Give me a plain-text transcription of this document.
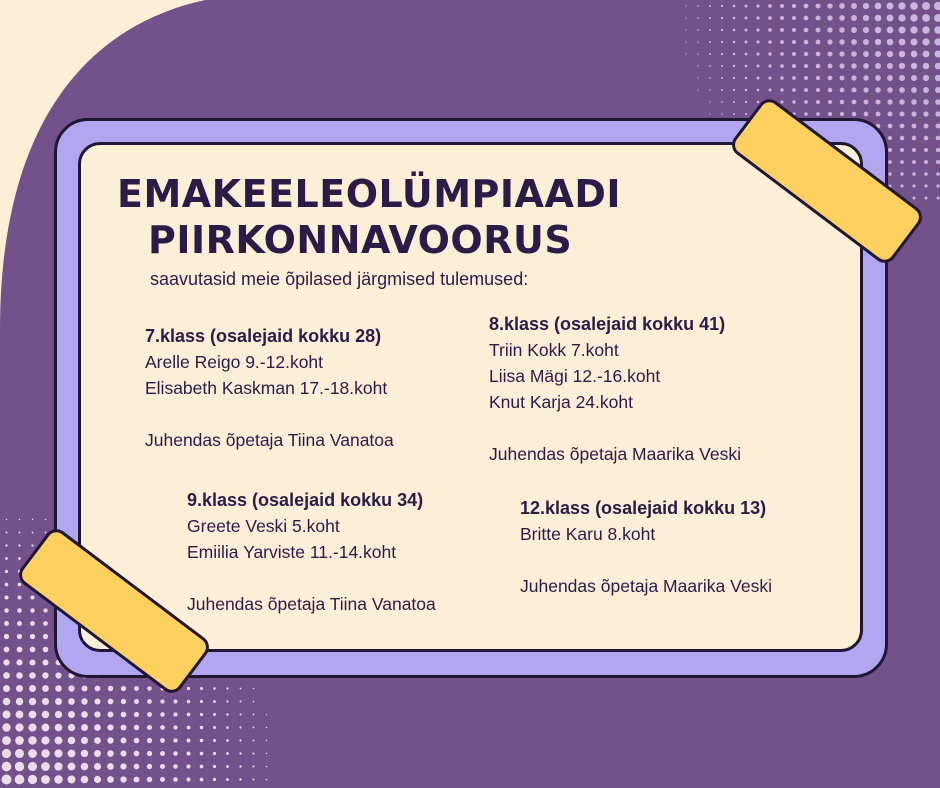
EMAKEELEOLÜMPIAADI
PIIRKONNAVOORUS
saavutasid meie õpilased järgmised tulemused:
7.klass (osalejaid kokku 28)
Arelle Reigo 9.-12.koht
Elisabeth Kaskman 17.-18.koht
Juhendas õpetaja Tiina Vanatoa
8.klass (osalejaid kokku 41)
Triin Kokk 7.koht
Liisa Mägi 12.-16.koht
Knut Karja 24.koht
Juhendas õpetaja Maarika Veski
9.klass (osalejaid kokku 34)
Greete Veski 5.koht
Emiilia Yarviste 11.-14.koht
Juhendas õpetaja Tiina Vanatoa
12.klass (osalejaid kokku 13)
Britte Karu 8.koht
Juhendas õpetaja Maarika Veski
